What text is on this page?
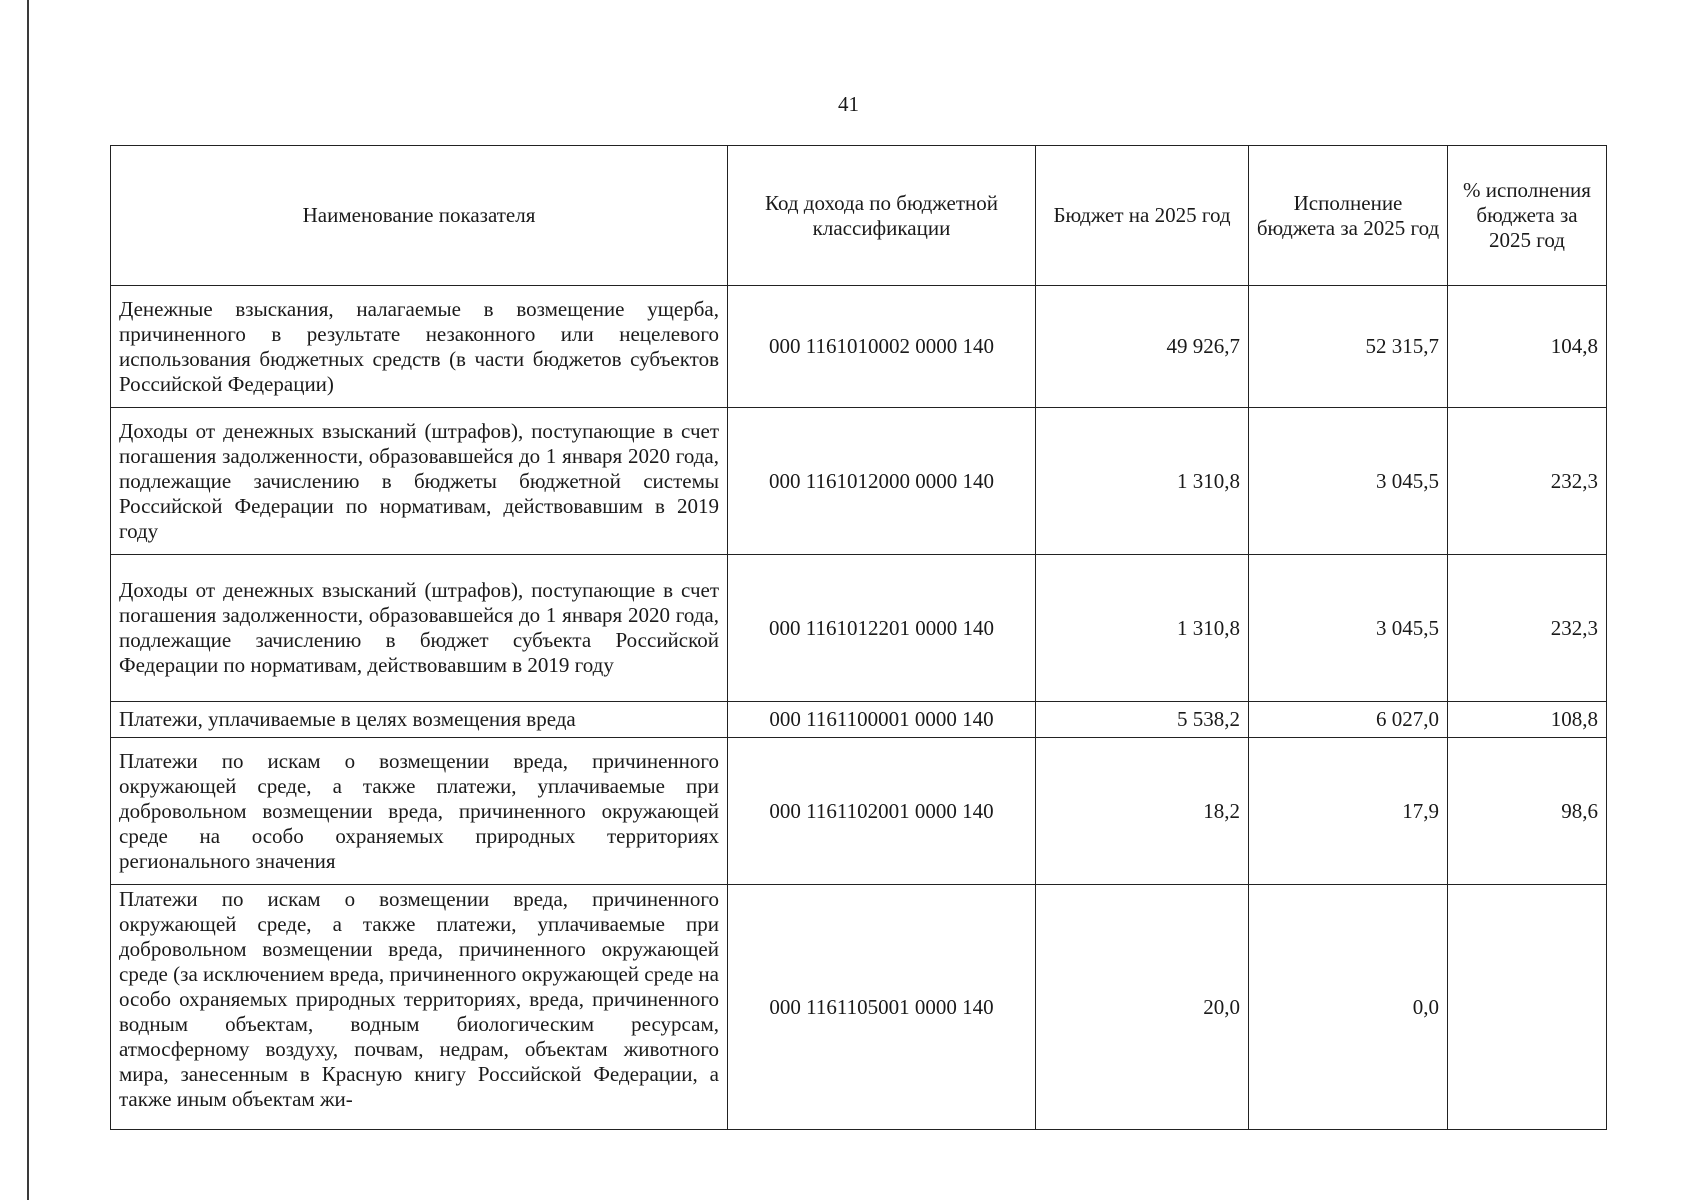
41
Наименование показателя	Код дохода по бюджетной классификации	Бюджет на 2025 год	Исполнение бюджета за 2025 год	% исполнения бюджета за 2025 год
Денежные взыскания, налагаемые в возмещение ущерба, причиненного в результате незаконного или нецелевого использования бюджетных средств (в части бюджетов субъектов Российской Федерации)	000 1161010002 0000 140	49 926,7	52 315,7	104,8
Доходы от денежных взысканий (штрафов), поступающие в счет погашения задолженности, образовавшейся до 1 января 2020 года, подлежащие зачислению в бюджеты бюджетной системы Российской Федерации по нормативам, действовавшим в 2019 году	000 1161012000 0000 140	1 310,8	3 045,5	232,3
Доходы от денежных взысканий (штрафов), поступающие в счет погашения задолженности, образовавшейся до 1 января 2020 года, подлежащие зачислению в бюджет субъекта Российской Федерации по нормативам, действовавшим в 2019 году	000 1161012201 0000 140	1 310,8	3 045,5	232,3
Платежи, уплачиваемые в целях возмещения вреда	000 1161100001 0000 140	5 538,2	6 027,0	108,8
Платежи по искам о возмещении вреда, причиненного окружающей среде, а также платежи, уплачиваемые при добровольном возмещении вреда, причиненного окружающей среде на особо охраняемых природных территориях регионального значения	000 1161102001 0000 140	18,2	17,9	98,6
Платежи по искам о возмещении вреда, причиненного окружающей среде, а также платежи, уплачиваемые при добровольном возмещении вреда, причиненного окружающей среде (за исключением вреда, причиненного окружающей среде на особо охраняемых природных территориях, вреда, причиненного водным объектам, водным биологическим ресурсам, атмосферному воздуху, почвам, недрам, объектам животного мира, занесенным в Красную книгу Российской Федерации, а также иным объектам жи-	000 1161105001 0000 140	20,0	0,0	
